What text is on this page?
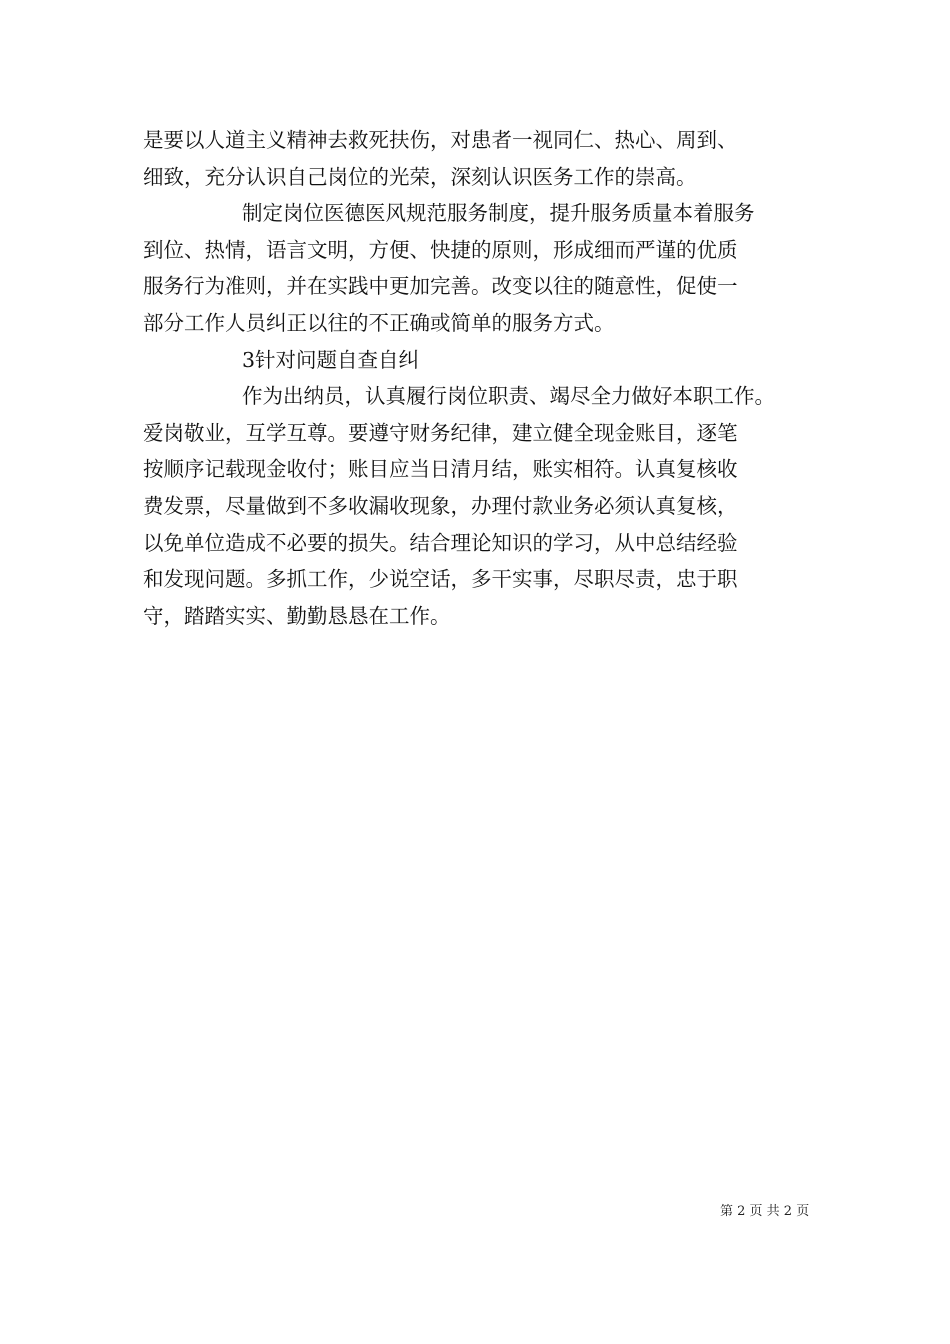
是要以人道主义精神去救死扶伤，对患者一视同仁、热心、周到、
细致，充分认识自己岗位的光荣，深刻认识医务工作的崇高。
制定岗位医德医风规范服务制度，提升服务质量本着服务
到位、热情，语言文明，方便、快捷的原则，形成细而严谨的优质
服务行为准则，并在实践中更加完善。改变以往的随意性，促使一
部分工作人员纠正以往的不正确或简单的服务方式。
3针对问题自查自纠
作为出纳员，认真履行岗位职责、竭尽全力做好本职工作。
爱岗敬业，互学互尊。要遵守财务纪律，建立健全现金账目，逐笔
按顺序记载现金收付；账目应当日清月结，账实相符。认真复核收
费发票，尽量做到不多收漏收现象，办理付款业务必须认真复核，
以免单位造成不必要的损失。结合理论知识的学习，从中总结经验
和发现问题。多抓工作，少说空话，多干实事，尽职尽责，忠于职
守，踏踏实实、勤勤恳恳在工作。
第 2 页 共 2 页
